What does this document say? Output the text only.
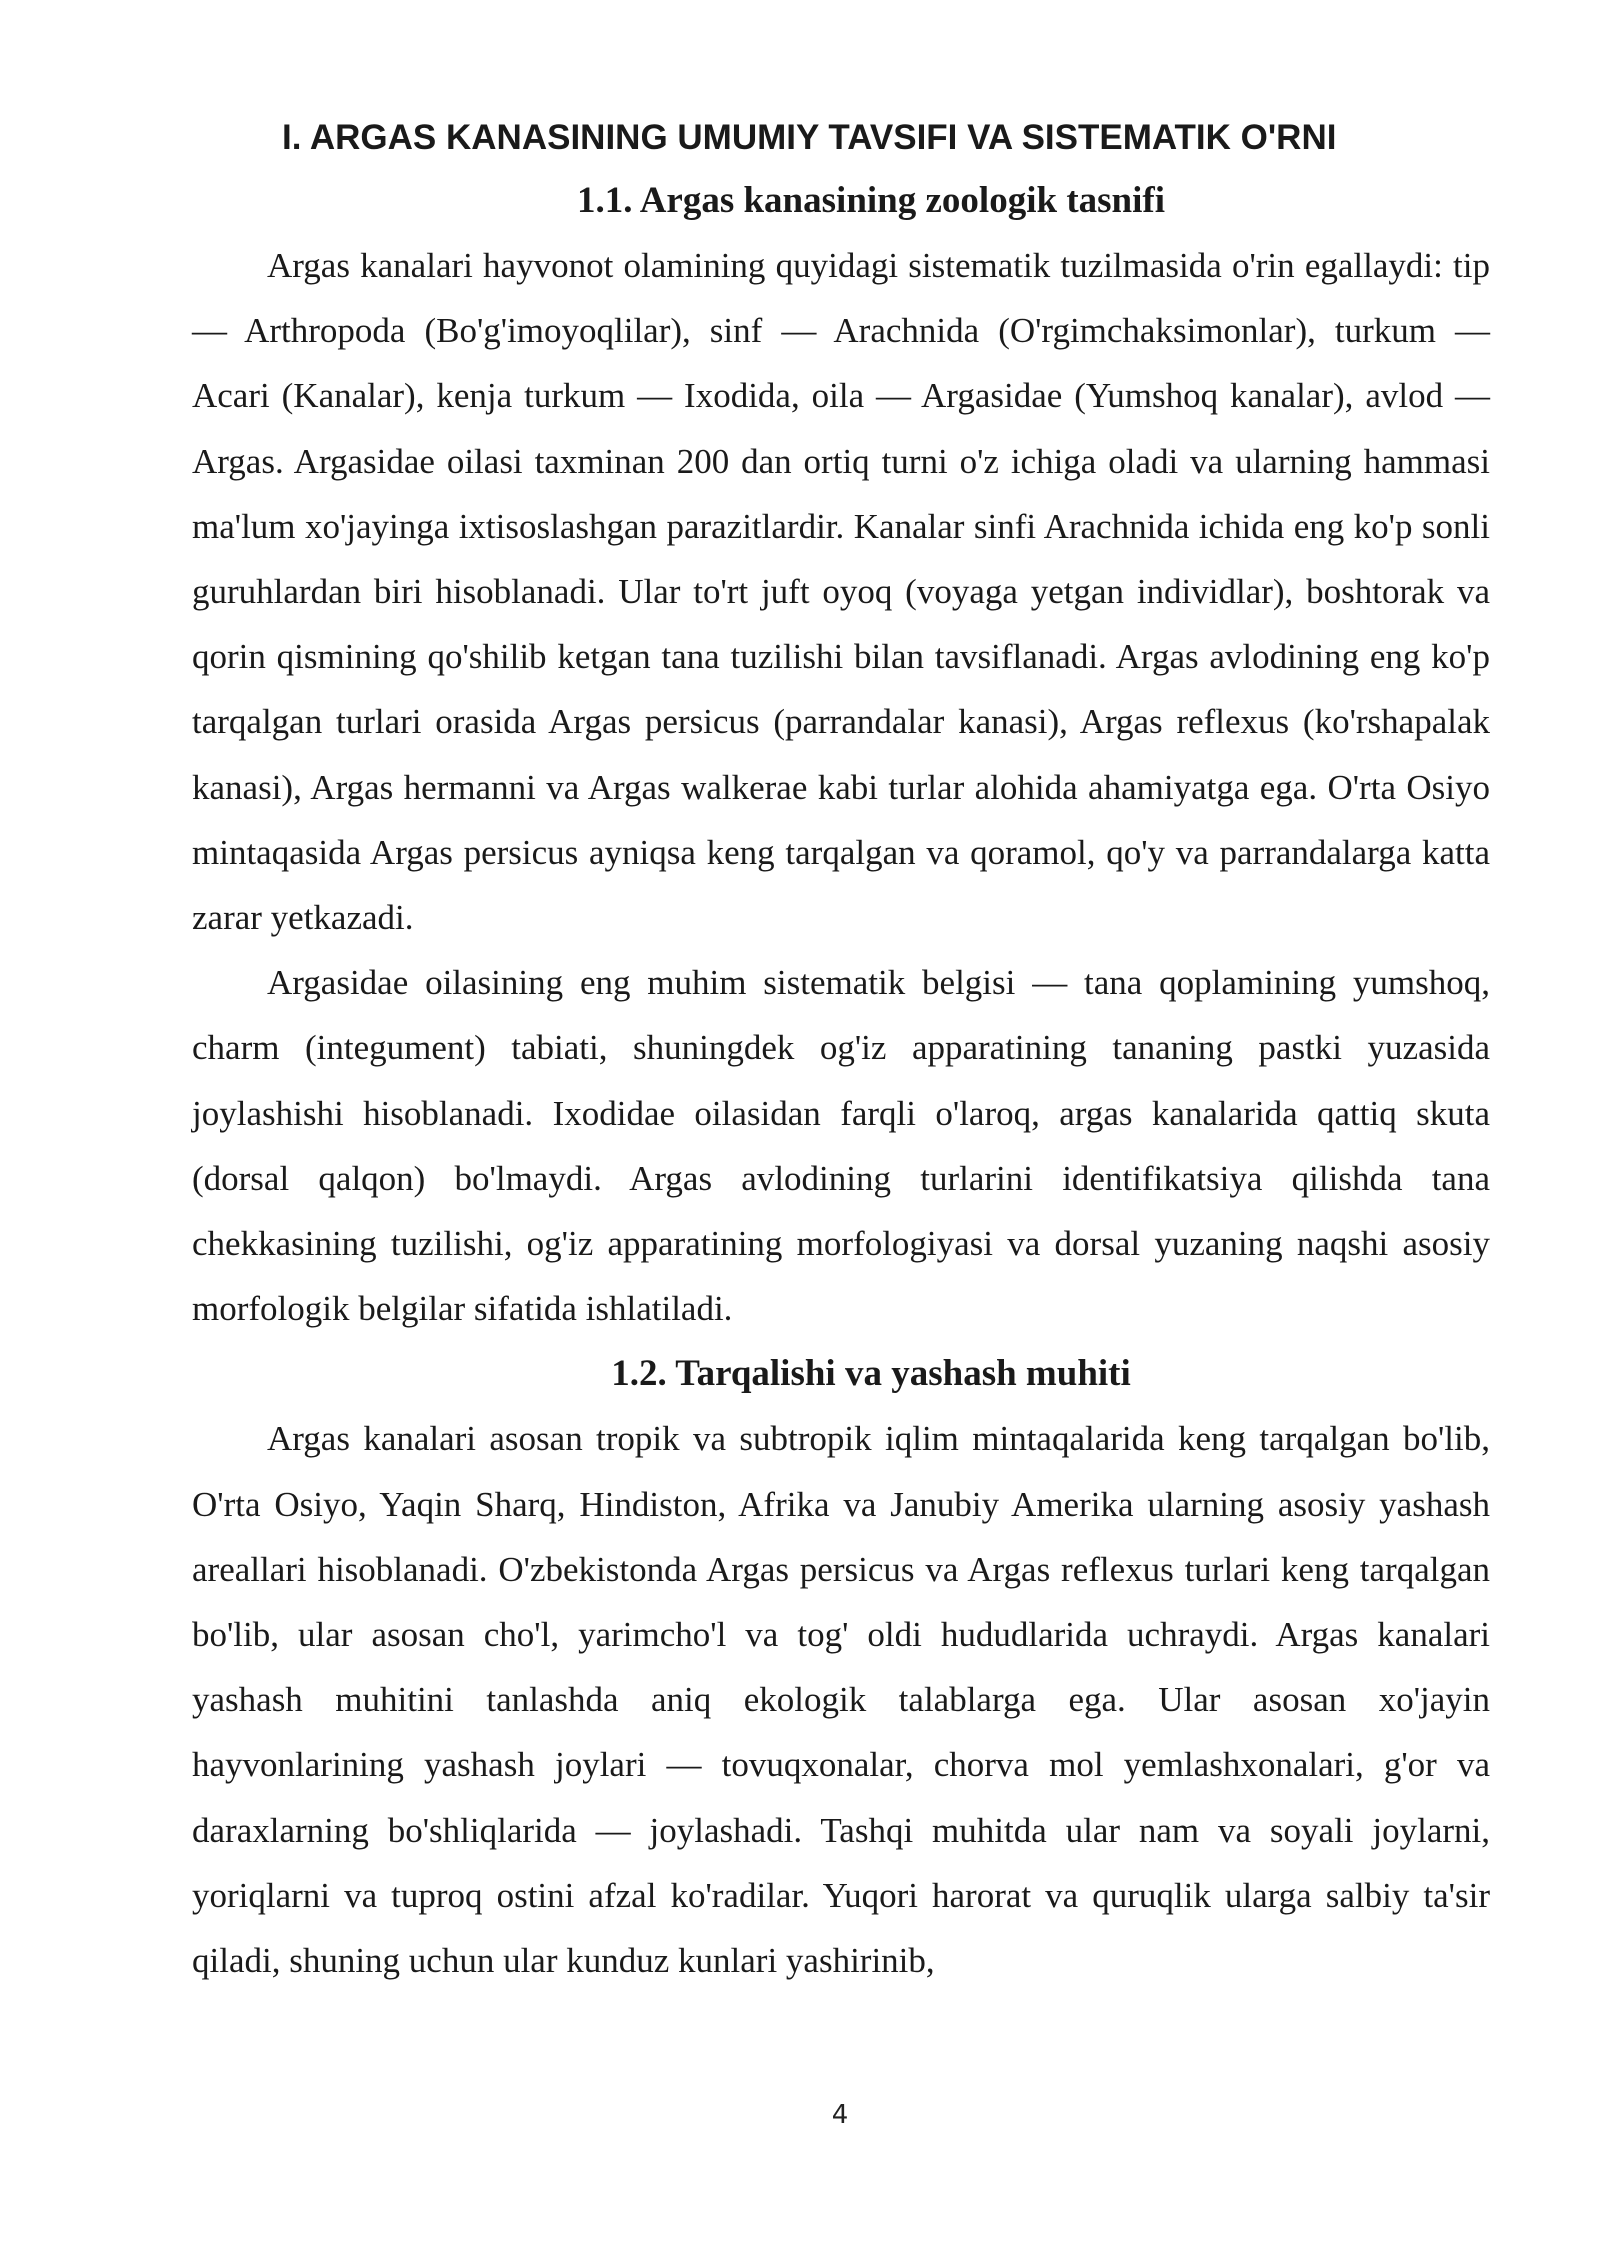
I. ARGAS KANASINING UMUMIY TAVSIFI VA SISTEMATIK O'RNI
1.1. Argas kanasining zoologik tasnifi

Argas kanalari hayvonot olamining quyidagi sistematik tuzilmasida o'rin egallaydi: tip — Arthropoda (Bo'g'imoyoqlilar), sinf — Arachnida (O'rgimchaksimonlar), turkum — Acari (Kanalar), kenja turkum — Ixodida, oila — Argasidae (Yumshoq kanalar), avlod — Argas. Argasidae oilasi taxminan 200 dan ortiq turni o'z ichiga oladi va ularning hammasi ma'lum xo'jayinga ixtisoslashgan parazitlardir. Kanalar sinfi Arachnida ichida eng ko'p sonli guruhlardan biri hisoblanadi. Ular to'rt juft oyoq (voyaga yetgan individlar), boshtorak va qorin qismining qo'shilib ketgan tana tuzilishi bilan tavsiflanadi. Argas avlodining eng ko'p tarqalgan turlari orasida Argas persicus (parrandalar kanasi), Argas reflexus (ko'rshapalak kanasi), Argas hermanni va Argas walkerae kabi turlar alohida ahamiyatga ega. O'rta Osiyo mintaqasida Argas persicus ayniqsa keng tarqalgan va qoramol, qo'y va parrandalarga katta zarar yetkazadi.

Argasidae oilasining eng muhim sistematik belgisi — tana qoplamining yumshoq, charm (integument) tabiati, shuningdek og'iz apparatining tananing pastki yuzasida joylashishi hisoblanadi. Ixodidae oilasidan farqli o'laroq, argas kanalarida qattiq skuta (dorsal qalqon) bo'lmaydi. Argas avlodining turlarini identifikatsiya qilishda tana chekkasining tuzilishi, og'iz apparatining morfologiyasi va dorsal yuzaning naqshi asosiy morfologik belgilar sifatida ishlatiladi.

1.2. Tarqalishi va yashash muhiti

Argas kanalari asosan tropik va subtropik iqlim mintaqalarida keng tarqalgan bo'lib, O'rta Osiyo, Yaqin Sharq, Hindiston, Afrika va Janubiy Amerika ularning asosiy yashash areallari hisoblanadi. O'zbekistonda Argas persicus va Argas reflexus turlari keng tarqalgan bo'lib, ular asosan cho'l, yarimcho'l va tog' oldi hududlarida uchraydi. Argas kanalari yashash muhitini tanlashda aniq ekologik talablarga ega. Ular asosan xo'jayin hayvonlarining yashash joylari — tovuqxonalar, chorva mol yemlashxonalari, g'or va daraxlarning bo'shliqlarida — joylashadi. Tashqi muhitda ular nam va soyali joylarni, yoriqlarni va tuproq ostini afzal ko'radilar. Yuqori harorat va quruqlik ularga salbiy ta'sir qiladi, shuning uchun ular kunduz kunlari yashirinib,

4
